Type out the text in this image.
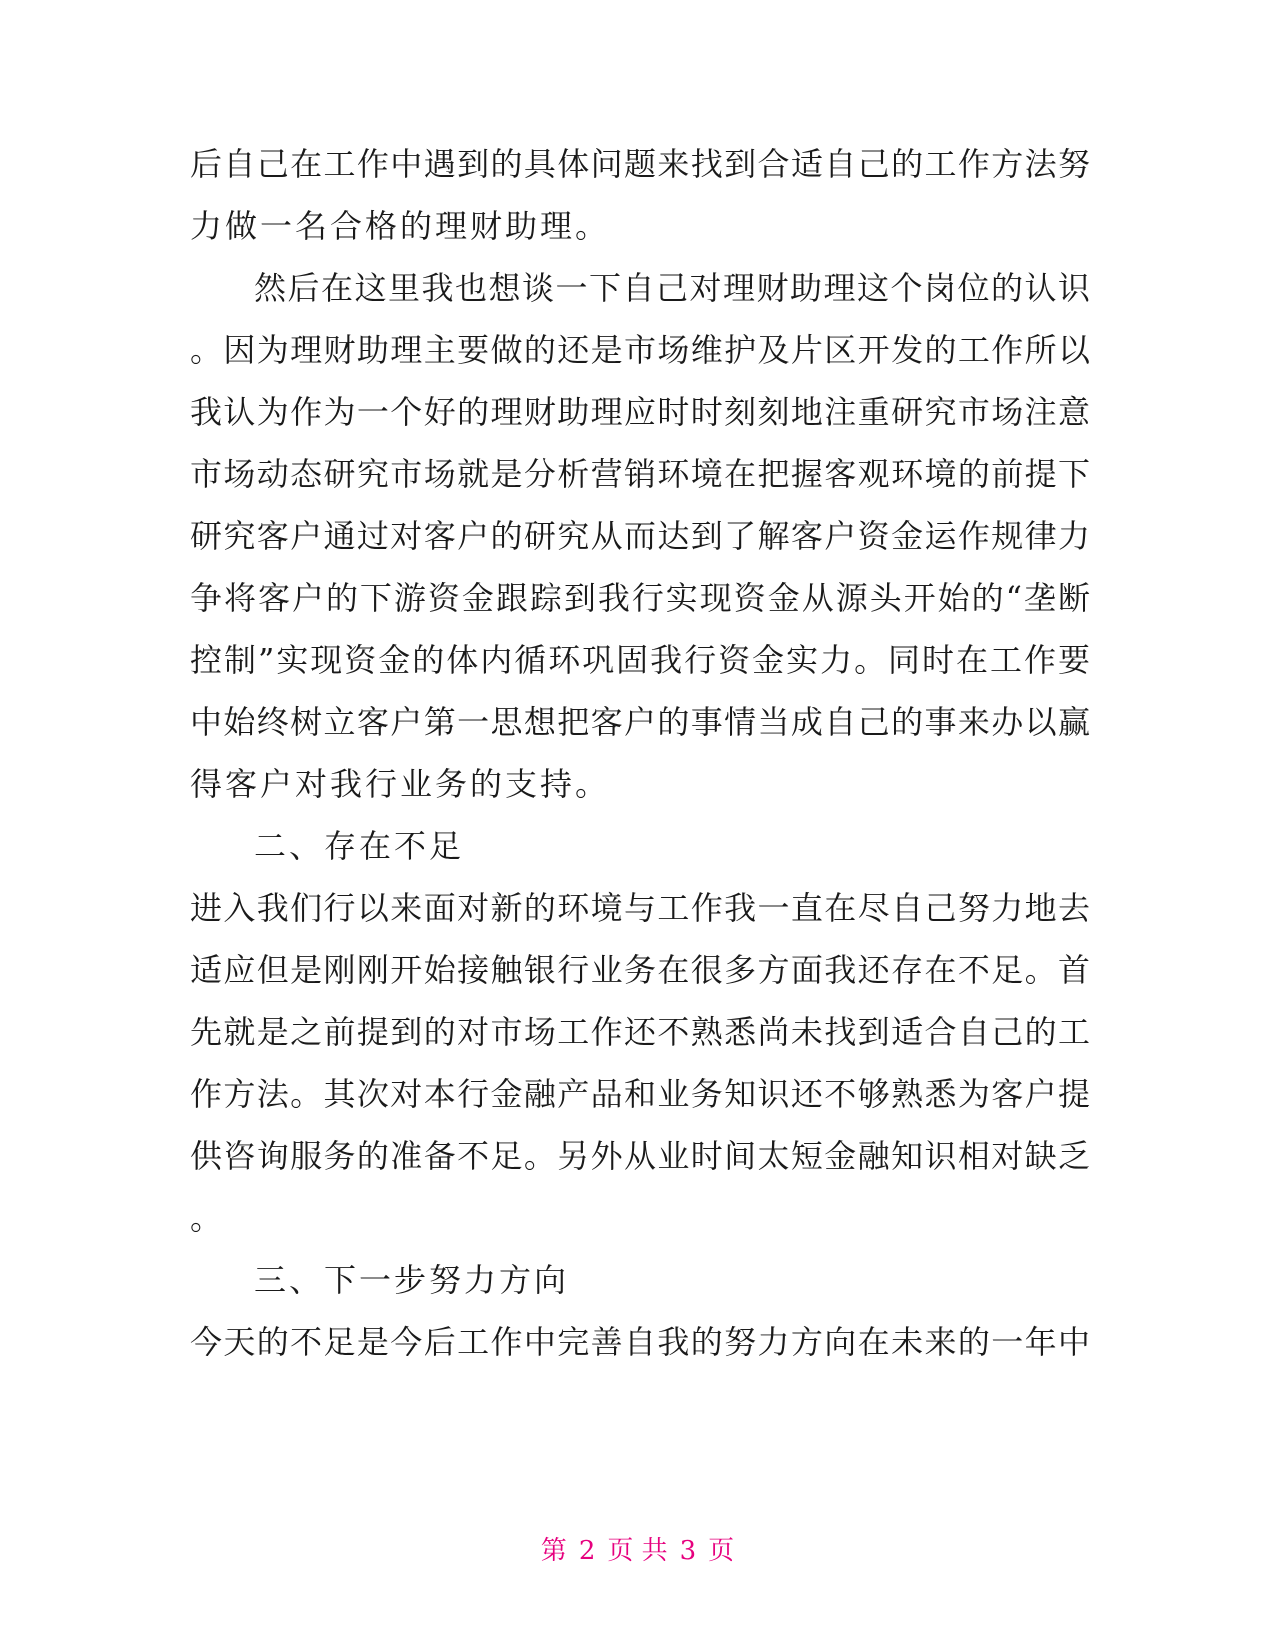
后自己在工作中遇到的具体问题来找到合适自己的工作方法努
力做一名合格的理财助理。
然后在这里我也想谈一下自己对理财助理这个岗位的认识
。因为理财助理主要做的还是市场维护及片区开发的工作所以
我认为作为一个好的理财助理应时时刻刻地注重研究市场注意
市场动态研究市场就是分析营销环境在把握客观环境的前提下
研究客户通过对客户的研究从而达到了解客户资金运作规律力
争将客户的下游资金跟踪到我行实现资金从源头开始的“垄断
控制”实现资金的体内循环巩固我行资金实力。同时在工作要
中始终树立客户第一思想把客户的事情当成自己的事来办以赢
得客户对我行业务的支持。
二、存在不足
进入我们行以来面对新的环境与工作我一直在尽自己努力地去
适应但是刚刚开始接触银行业务在很多方面我还存在不足。首
先就是之前提到的对市场工作还不熟悉尚未找到适合自己的工
作方法。其次对本行金融产品和业务知识还不够熟悉为客户提
供咨询服务的准备不足。另外从业时间太短金融知识相对缺乏
。
三、下一步努力方向
今天的不足是今后工作中完善自我的努力方向在未来的一年中
第 2 页 共 3 页
